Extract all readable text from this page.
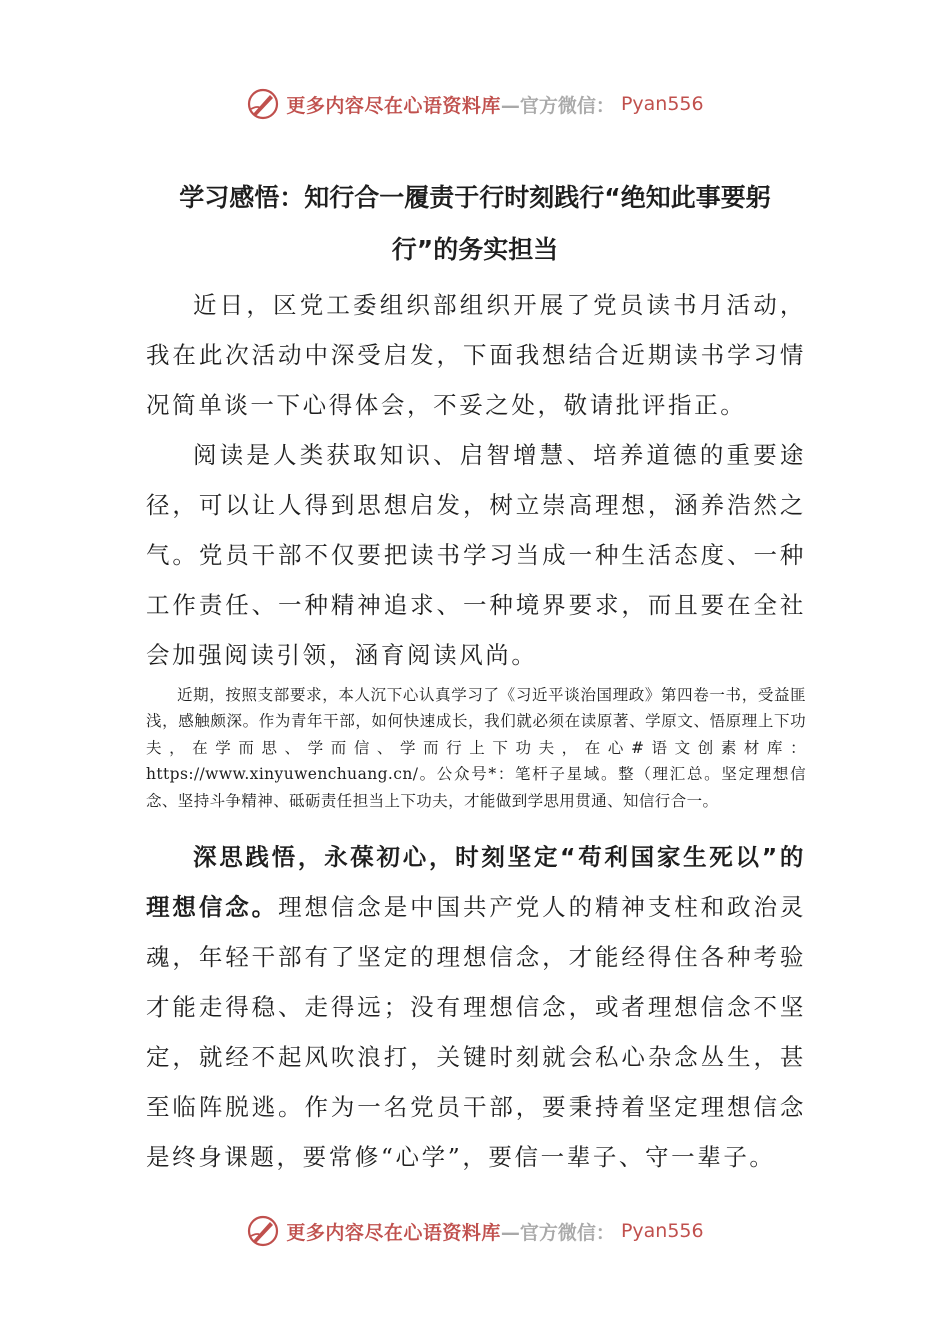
更多内容尽在心语资料库 —官方微信： Pyan556
学习感悟：知行合一履责于行时刻践行“绝知此事要躬
行”的务实担当

近日，区党工委组织部组织开展了党员读书月活动，我在此次活动中深受启发，下面我想结合近期读书学习情况简单谈一下心得体会，不妥之处，敬请批评指正。

阅读是人类获取知识、启智增慧、培养道德的重要途径，可以让人得到思想启发，树立崇高理想，涵养浩然之气。党员干部不仅要把读书学习当成一种生活态度、一种工作责任、一种精神追求、一种境界要求，而且要在全社会加强阅读引领，涵育阅读风尚。

近期，按照支部要求，本人沉下心认真学习了《习近平谈治国理政》第四卷一书，受益匪浅，感触颇深。作为青年干部，如何快速成长，我们就必须在读原著、学原文、悟原理上下功夫，在学而思、学而信、学而行上下功夫，在心#语文创素材库：https://www.xinyuwenchuang.cn/。公众号*：笔杆子星域。整（理汇总。坚定理想信念、坚持斗争精神、砥砺责任担当上下功夫，才能做到学思用贯通、知信行合一。

深思践悟，永葆初心，时刻坚定“苟利国家生死以”的理想信念。理想信念是中国共产党人的精神支柱和政治灵魂，年轻干部有了坚定的理想信念，才能经得住各种考验才能走得稳、走得远；没有理想信念，或者理想信念不坚定，就经不起风吹浪打，关键时刻就会私心杂念丛生，甚至临阵脱逃。作为一名党员干部，要秉持着坚定理想信念是终身课题，要常修“心学”，要信一辈子、守一辈子。

更多内容尽在心语资料库 —官方微信： Pyan556
